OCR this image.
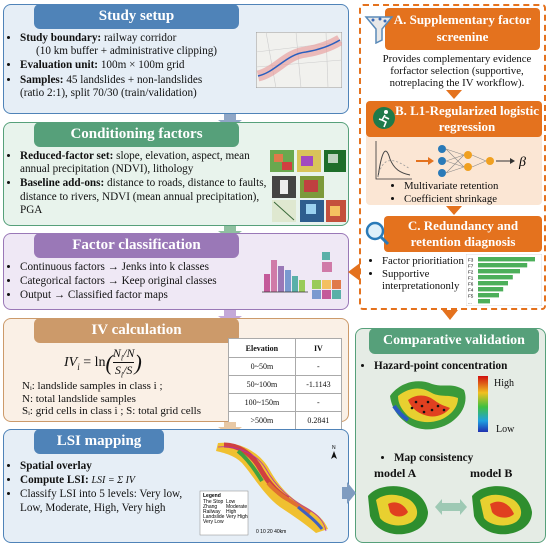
Study setup
• Study boundary: railway corridor
(10 km buffer + administrative clipping)
• Evaluation unit: 100m × 100m grid
• Samples: 45 landslides + non-landslides
(ratio 2:1), split 70/30 (train/validation)
Conditioning factors
• Reduced-factor set: slope, elevation, aspect, mean annual precipitation (NDVI), lithology
• Baseline add-ons: distance to roads, distance to faults, distance to rivers, NDVI (mean annual precipitation), PGA
Factor classification
• Continuous factors → Jenks into k classes
• Categorical factors → Keep original classes
• Output → Classified factor maps
IV calculation
$IV_i = \ln( \frac{N_i/N}{S_i/S}$ )
Nᵢ: landslide samples in class i ;
N: total landslide samples
Sᵢ: grid cells in class i ; S: total grid cells
Elevation	IV
0~50m	-
50~100m	-1.1143
100~150m	-
>500m	0.2841
LSI mapping
• Spatial overlay
• Compute LSI: LSI = Σ IV
• Classify LSI into 5 levels: Very low, Low, Moderate, High, Very high
Legend
The Stop
Zhang
Railway
Landslide
Very Low
Low
Moderate
High
Very High
0 10 20 40km
N
A. Supplementary factor screenine
Provides complementary evidence forfactor selection (supportive, notreplacing the IV workflow).
B. L1-Regularized logistic regression
β
• Multivariate retention
• Coefficient shrinkage
C. Redundancy and retention diagnosis
• Factor prioritiation
• Supportive interpretationonly
F3
F7
F2
F1
F6
F4
F5
...
Comparative validation
• Hazard-point concentration
High
Low
• Map consistency
model A	model B
